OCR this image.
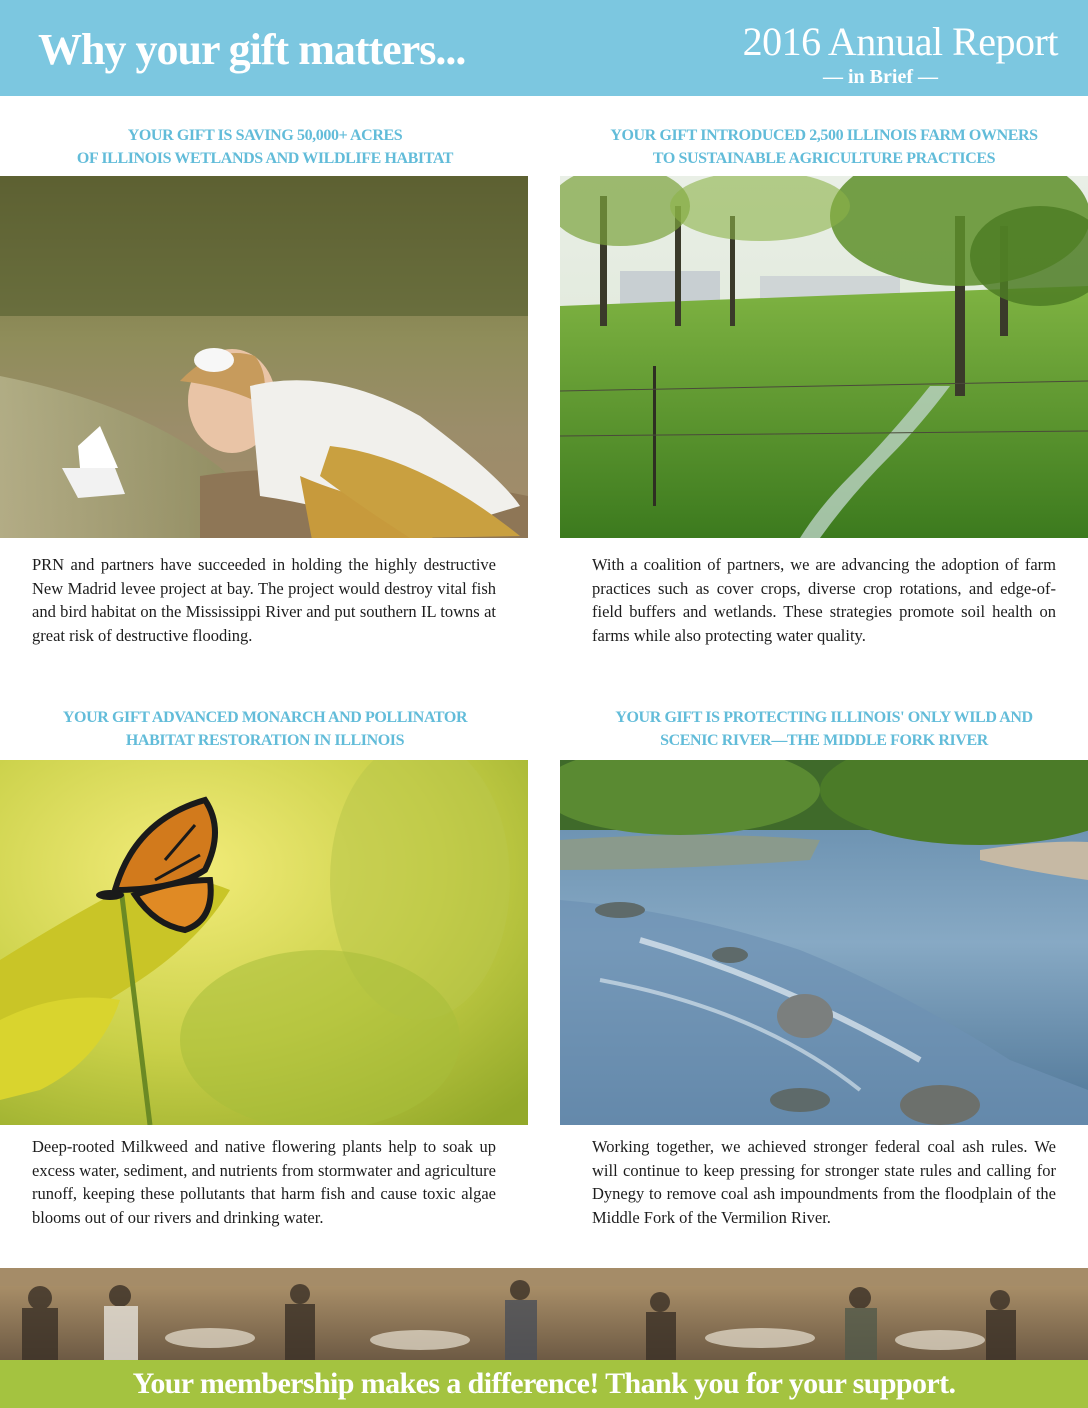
Why your gift matters...	2016 Annual Report
— in Brief —
YOUR GIFT IS SAVING 50,000+ ACRES
OF ILLINOIS WETLANDS AND WILDLIFE HABITAT
YOUR GIFT INTRODUCED 2,500 ILLINOIS FARM OWNERS
TO SUSTAINABLE AGRICULTURE PRACTICES
PRN and partners have succeeded in holding the highly destructive New Madrid levee project at bay. The project would destroy vital fish and bird habitat on the Mississippi River and put southern IL towns at great risk of destructive flooding.
With a coalition of partners, we are advancing the adoption of farm practices such as cover crops, diverse crop rotations, and edge-of-field buffers and wetlands. These strategies promote soil health on farms while also protecting water quality.
YOUR GIFT ADVANCED MONARCH AND POLLINATOR
HABITAT RESTORATION IN ILLINOIS
YOUR GIFT IS PROTECTING ILLINOIS' ONLY WILD AND
SCENIC RIVER—THE MIDDLE FORK RIVER
Deep-rooted Milkweed and native flowering plants help to soak up excess water, sediment, and nutrients from stormwater and agriculture runoff, keeping these pollutants that harm fish and cause toxic algae blooms out of our rivers and drinking water.
Working together, we achieved stronger federal coal ash rules. We will continue to keep pressing for stronger state rules and calling for Dynegy to remove coal ash impoundments from the floodplain of the Middle Fork of the Vermilion River.
Your membership makes a difference! Thank you for your support.
